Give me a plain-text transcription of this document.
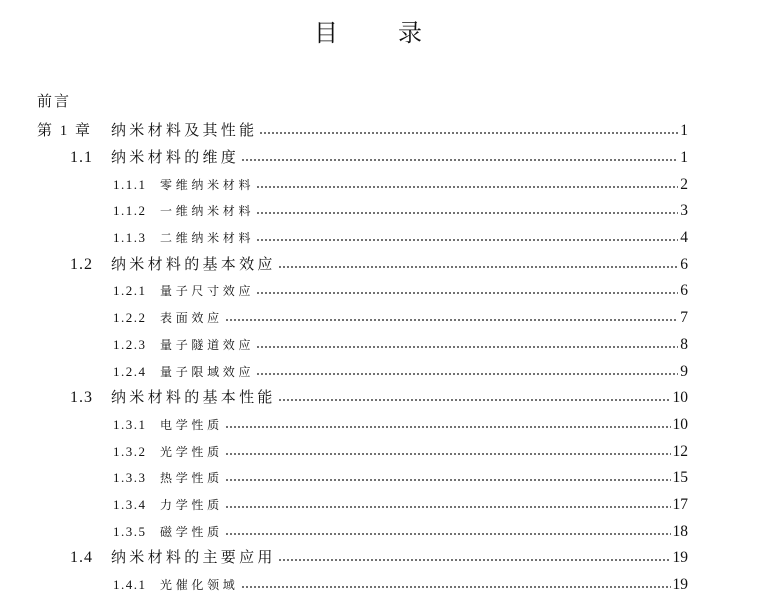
目　　录
前言
第 1 章	纳米材料及其性能	1
1.1	纳米材料的维度	1
1.1.1	零维纳米材料	2
1.1.2	一维纳米材料	3
1.1.3	二维纳米材料	4
1.2	纳米材料的基本效应	6
1.2.1	量子尺寸效应	6
1.2.2	表面效应	7
1.2.3	量子隧道效应	8
1.2.4	量子限域效应	9
1.3	纳米材料的基本性能	10
1.3.1	电学性质	10
1.3.2	光学性质	12
1.3.3	热学性质	15
1.3.4	力学性质	17
1.3.5	磁学性质	18
1.4	纳米材料的主要应用	19
1.4.1	光催化领域	19
